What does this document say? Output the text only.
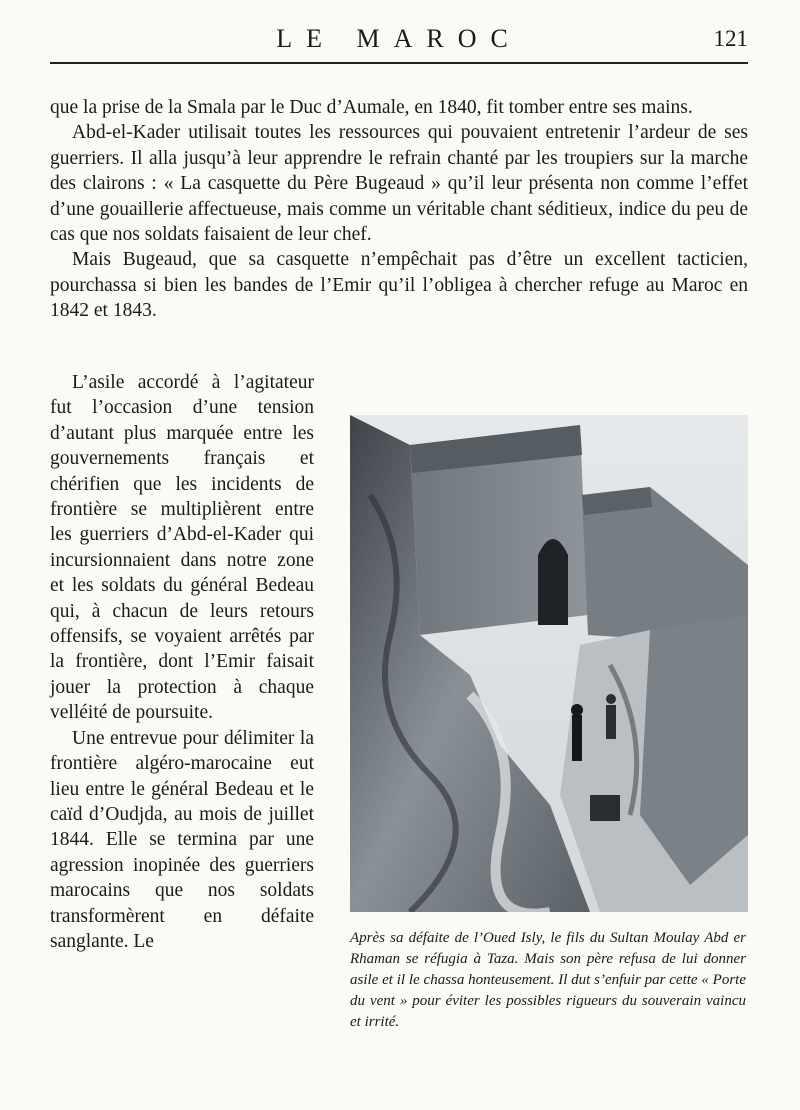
LE MAROC	121

que la prise de la Smala par le Duc d’Aumale, en 1840, fit tomber entre ses mains.

Abd-el-Kader utilisait toutes les ressources qui pouvaient entretenir l’ardeur de ses guerriers. Il alla jusqu’à leur apprendre le refrain chanté par les troupiers sur la marche des clairons : « La casquette du Père Bugeaud » qu’il leur présenta non comme l’effet d’une gouaillerie affectueuse, mais comme un véritable chant séditieux, indice du peu de cas que nos soldats faisaient de leur chef.

Mais Bugeaud, que sa casquette n’empêchait pas d’être un excellent tacticien, pourchassa si bien les bandes de l’Emir qu’il l’obligea à chercher refuge au Maroc en 1842 et 1843.

L’asile accordé à l’agitateur fut l’occasion d’une tension d’autant plus marquée entre les gouvernements français et chérifien que les incidents de frontière se multiplièrent entre les guerriers d’Abd-el-Kader qui incursionnaient dans notre zone et les soldats du général Bedeau qui, à chacun de leurs retours offensifs, se voyaient arrêtés par la frontière, dont l’Emir faisait jouer la protection à chaque velléité de poursuite.

Une entrevue pour délimiter la frontière algéro-marocaine eut lieu entre le général Bedeau et le caïd d’Oudjda, au mois de juillet 1844. Elle se termina par une agression inopinée des guerriers marocains que nos soldats transformèrent en défaite sanglante. Le	Après sa défaite de l’Oued Isly, le fils du Sultan Moulay Abd er Rhaman se réfugia à Taza. Mais son père refusa de lui donner asile et il le chassa honteusement. Il dut s’enfuir par cette « Porte du vent » pour éviter les possibles rigueurs du souverain vaincu et irrité.
